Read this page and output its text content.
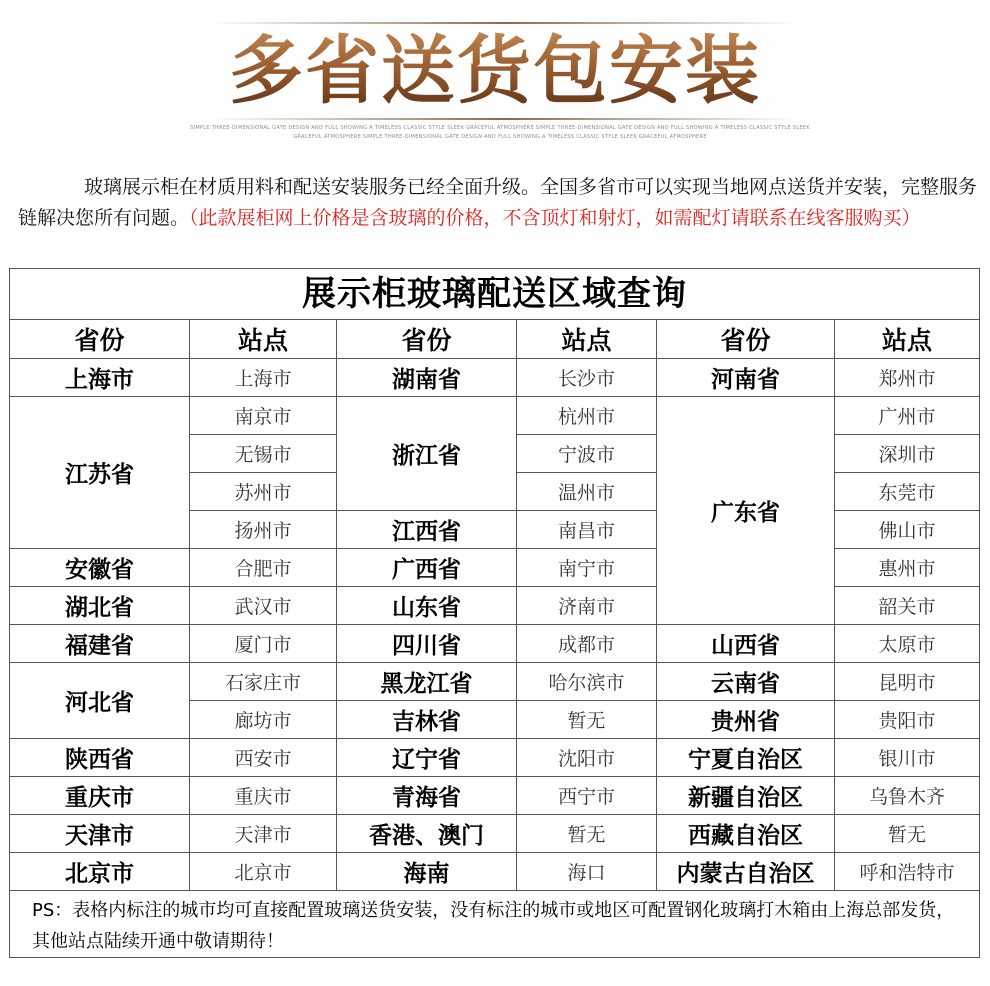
多省送货包安装
SIMPLE THREE-DIMENSIONAL GATE DESIGN AND FULL SHOWING A TIMELESS CLASSIC STYLE SLEEK GRACEFUL ATMOSPHERE SIMPLE THREE-DIMENSIONAL GATE DESIGN AND FULL SHOWING A TIMELESS CLASSIC STYLE SLEEK GRACEFUL ATMOSPHERE SIMPLE THREE-DIMENSIONAL GATE DESIGN AND FULL SHOWING A TIMELESS CLASSIC STYLE SLEEK GRACEFUL ATMOSPHERE
玻璃展示柜在材质用料和配送安装服务已经全面升级。全国多省市可以实现当地网点送货并安装，完整服务链解决您所有问题。（此款展柜网上价格是含玻璃的价格，不含顶灯和射灯，如需配灯请联系在线客服购买）
展示柜玻璃配送区域查询					
省份	站点	省份	站点	省份	站点
上海市	上海市	湖南省	长沙市	河南省	郑州市
江苏省	南京市	浙江省	杭州市	广东省	广州市
	无锡市		宁波市		深圳市
	苏州市		温州市		东莞市
	扬州市	江西省	南昌市		佛山市
安徽省	合肥市	广西省	南宁市		惠州市
湖北省	武汉市	山东省	济南市		韶关市
福建省	厦门市	四川省	成都市	山西省	太原市
河北省	石家庄市	黑龙江省	哈尔滨市	云南省	昆明市
	廊坊市	吉林省	暂无	贵州省	贵阳市
陕西省	西安市	辽宁省	沈阳市	宁夏自治区	银川市
重庆市	重庆市	青海省	西宁市	新疆自治区	乌鲁木齐
天津市	天津市	香港、澳门	暂无	西藏自治区	暂无
北京市	北京市	海南	海口	内蒙古自治区	呼和浩特市
PS：表格内标注的城市均可直接配置玻璃送货安装，没有标注的城市或地区可配置钢化玻璃打木箱由上海总部发货，其他站点陆续开通中敬请期待！					
